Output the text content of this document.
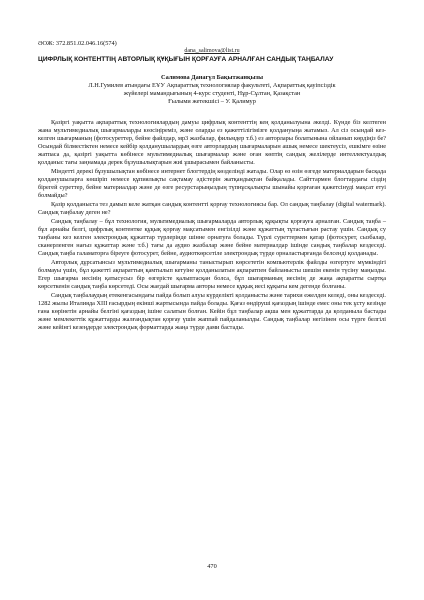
ӘОЖ: 372.851.02.046.16(574)

dana_salimova@list.ru

ЦИФРЛЫҚ КОНТЕНТТІҢ АВТОРЛЫҚ ҚҰҚЫҒЫН ҚОРҒАУҒА АРНАЛҒАН САНДЫҚ ТАҢБАЛАУ

Салимова Данагүл Бақытжанқызы

Л.Н.Гумилев атындағы ЕҰУ Ақпараттық технологиялар факультеті, Ақпараттық қауіпсіздік

жүйелері мамандығының 4-курс студенті, Нұр-Сұлтан, Қазақстан

Ғылыми жетекшісі – У. Қалимур

Қазіргі уақытта ақпараттық технологиялардың дамуы цифрлық контенттің кең қолданылуына әкелді. Күнде біз келтеген жана мультимедиалық шығармаларды көзсіңіреміз, және оларды ез қажеттілігімізге қолдануыңа жатамыз. Ал сіз осындай кез-келген шығарманың (фотосуреттер, бейне файлдар, мр3 жазбалар, фильмдер т.б.) ез авторлары болатынына ойланып көрдіңіз бе? Осындай білместіктен немесе кейбір қолданушылардың өзге авторлардың шығармаларын ашық немесе шектеусіз, ешкімге өзіне жатпаса да, қазіргі уақытта көбінесе мультимедиалық шығармалар және оған көптің сандық желілерде интеллектуалдық қолданыс тағы заңнамада дерек бұзушылықтарын жиі ұшырасымен байланысты.

Міндетті дерекі бұзушылықтан көбінесе интернет блогтердің көзделінді жатады. Олар өз өзін өзгеде материалдарын басқада қолданушыларға көшіріп немесе құпиялықты сақтамау әдістерін жатқандықтан байқалады. Сайттармен блогтардағы сіздің бірегей суреттер, бейне материалдар және де өзге ресурстарыңыздың түпнұсқалықты шынайы қорғаған қажетсінуді мақсат етуі болмайды?

Қазір қолданыста тез дамып келе жатқан сандық контентті қорғау технологиясы бар. Ол сандық таңбалау (digital watermark). Сандық таңбалау деген не?

Сандық таңбалау – бұл технология, мультимедиалық шығармаларда авторлық құқықты қорғауға арналған. Сандық таңба – бұл арнайы белгі, цифрлық контентке құқық қорғау мақсатымен енгізілді және құжаттың тұтастығын растау үшін. Сандық су таңбаны кез келген электрондық құжаттар түрлерінде шінне орнатуға болады. Түрлі суреттермен қатар (фотосурет, сызбалар, сканерленген нағыз құжаттар және т.б.) тағы да аудио жазбалар және бейне материалдар ішінде сандық таңбалар кездеседі. Сандық таңба галаматорға біреуге фотосурет, бейне, аудиоткөрсетіле электрондық түрде орналастырғанда белсенді қолданады.

Авторлық дұрсатынсыз мультимедиалық шығарманы таныстырып көрсететін компьютерлік файлды өзгертуге мүмкіндігі болмауы үшін, бұл қажетті ақпараттың қамтылып кетуіне қолданылатын ақпаратпен байланысты шешім екенін түсіну маңызды. Егер шығарма иесінің қатысусыз бір өзгерісте қалыптасқан болса, бұл шығарманың иесінің де жаңа ақпаратты сыртқа көрсеткенін сандық таңба көрсетеді. Осы жағдай шығарма авторы немесе құқық иесі құқығы кем дегенде болғаны.

Сандық таңбалаудың етекенгасындағы пайда болып алуы күрделікті қолданысты және тарихи ежелден келеді, оны кездеседі. 1282 жылы Италияда XIII ғасырдың екінші жартысында пайда болады. Қағаз өндіруші қағаздың ішінде емес оны тек ұсту кезінде ғана көрінетін арнайы белгіні қағаздың ішіне салатын болған. Кейін бұл таңбалар ақша мен құжаттарда да қолданыла бастады және мемлекеттік құжаттарды жалғандықтан қорғау үшін жаппай пайдаланылды. Сандық таңбалар негізінен осы түрге белгілі және кейінгі кезеңдерде электрондық форматтарда жаңа түрде дами бастады.

470
